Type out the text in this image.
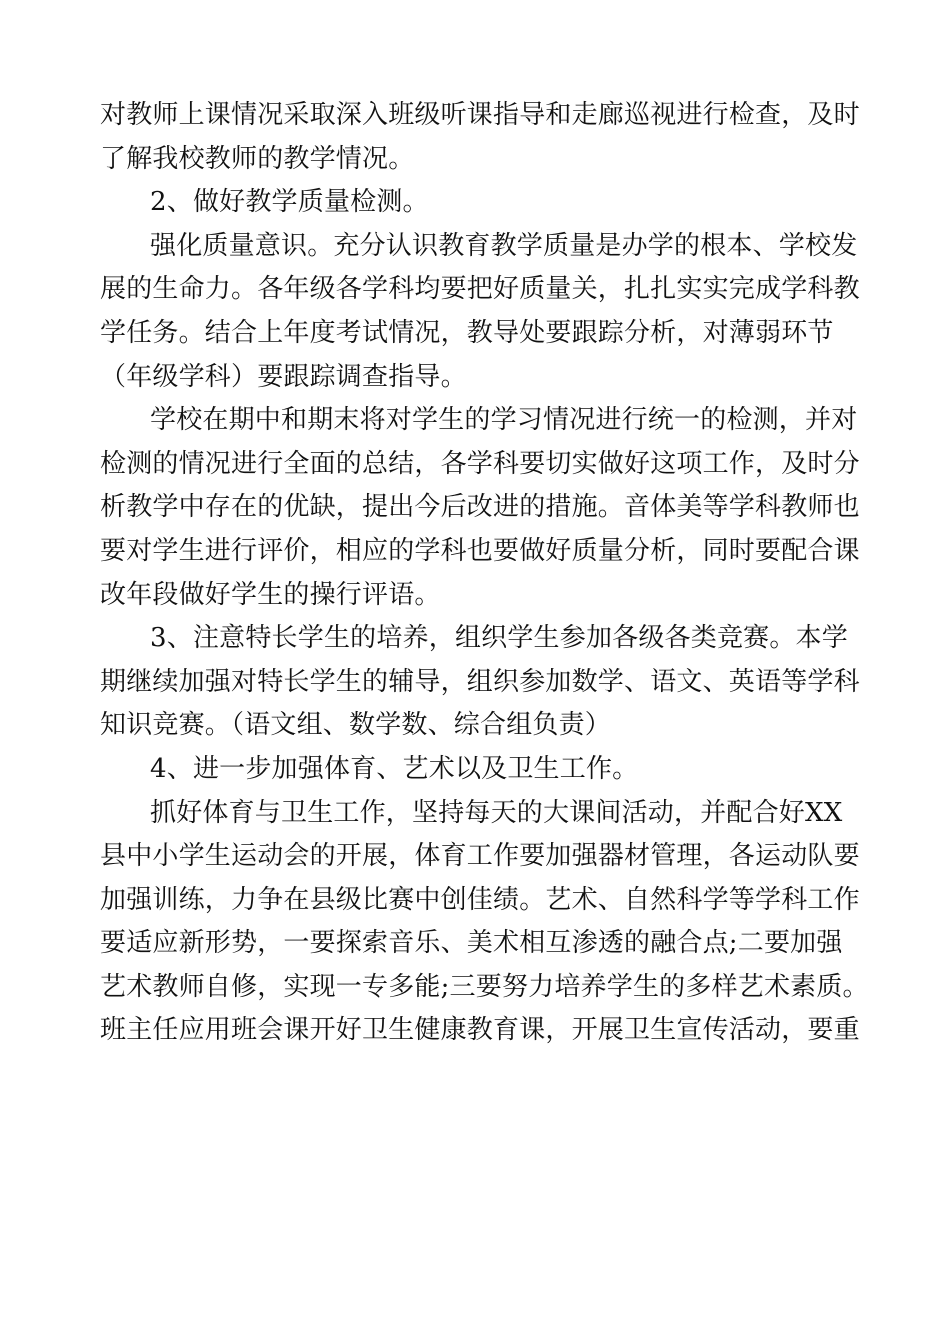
对教师上课情况采取深入班级听课指导和走廊巡视进行检查，及时
了解我校教师的教学情况。
2、做好教学质量检测。
强化质量意识。充分认识教育教学质量是办学的根本、学校发
展的生命力。各年级各学科均要把好质量关，扎扎实实完成学科教
学任务。结合上年度考试情况，教导处要跟踪分析，对薄弱环节
（年级学科）要跟踪调查指导。
学校在期中和期末将对学生的学习情况进行统一的检测，并对
检测的情况进行全面的总结，各学科要切实做好这项工作，及时分
析教学中存在的优缺，提出今后改进的措施。音体美等学科教师也
要对学生进行评价，相应的学科也要做好质量分析，同时要配合课
改年段做好学生的操行评语。
3、注意特长学生的培养，组织学生参加各级各类竞赛。本学
期继续加强对特长学生的辅导，组织参加数学、语文、英语等学科
知识竞赛。（语文组、数学数、综合组负责）
4、进一步加强体育、艺术以及卫生工作。
抓好体育与卫生工作，坚持每天的大课间活动，并配合好XX
县中小学生运动会的开展，体育工作要加强器材管理，各运动队要
加强训练，力争在县级比赛中创佳绩。艺术、自然科学等学科工作
要适应新形势，一要探索音乐、美术相互渗透的融合点;二要加强
艺术教师自修，实现一专多能;三要努力培养学生的多样艺术素质。
班主任应用班会课开好卫生健康教育课，开展卫生宣传活动，要重
